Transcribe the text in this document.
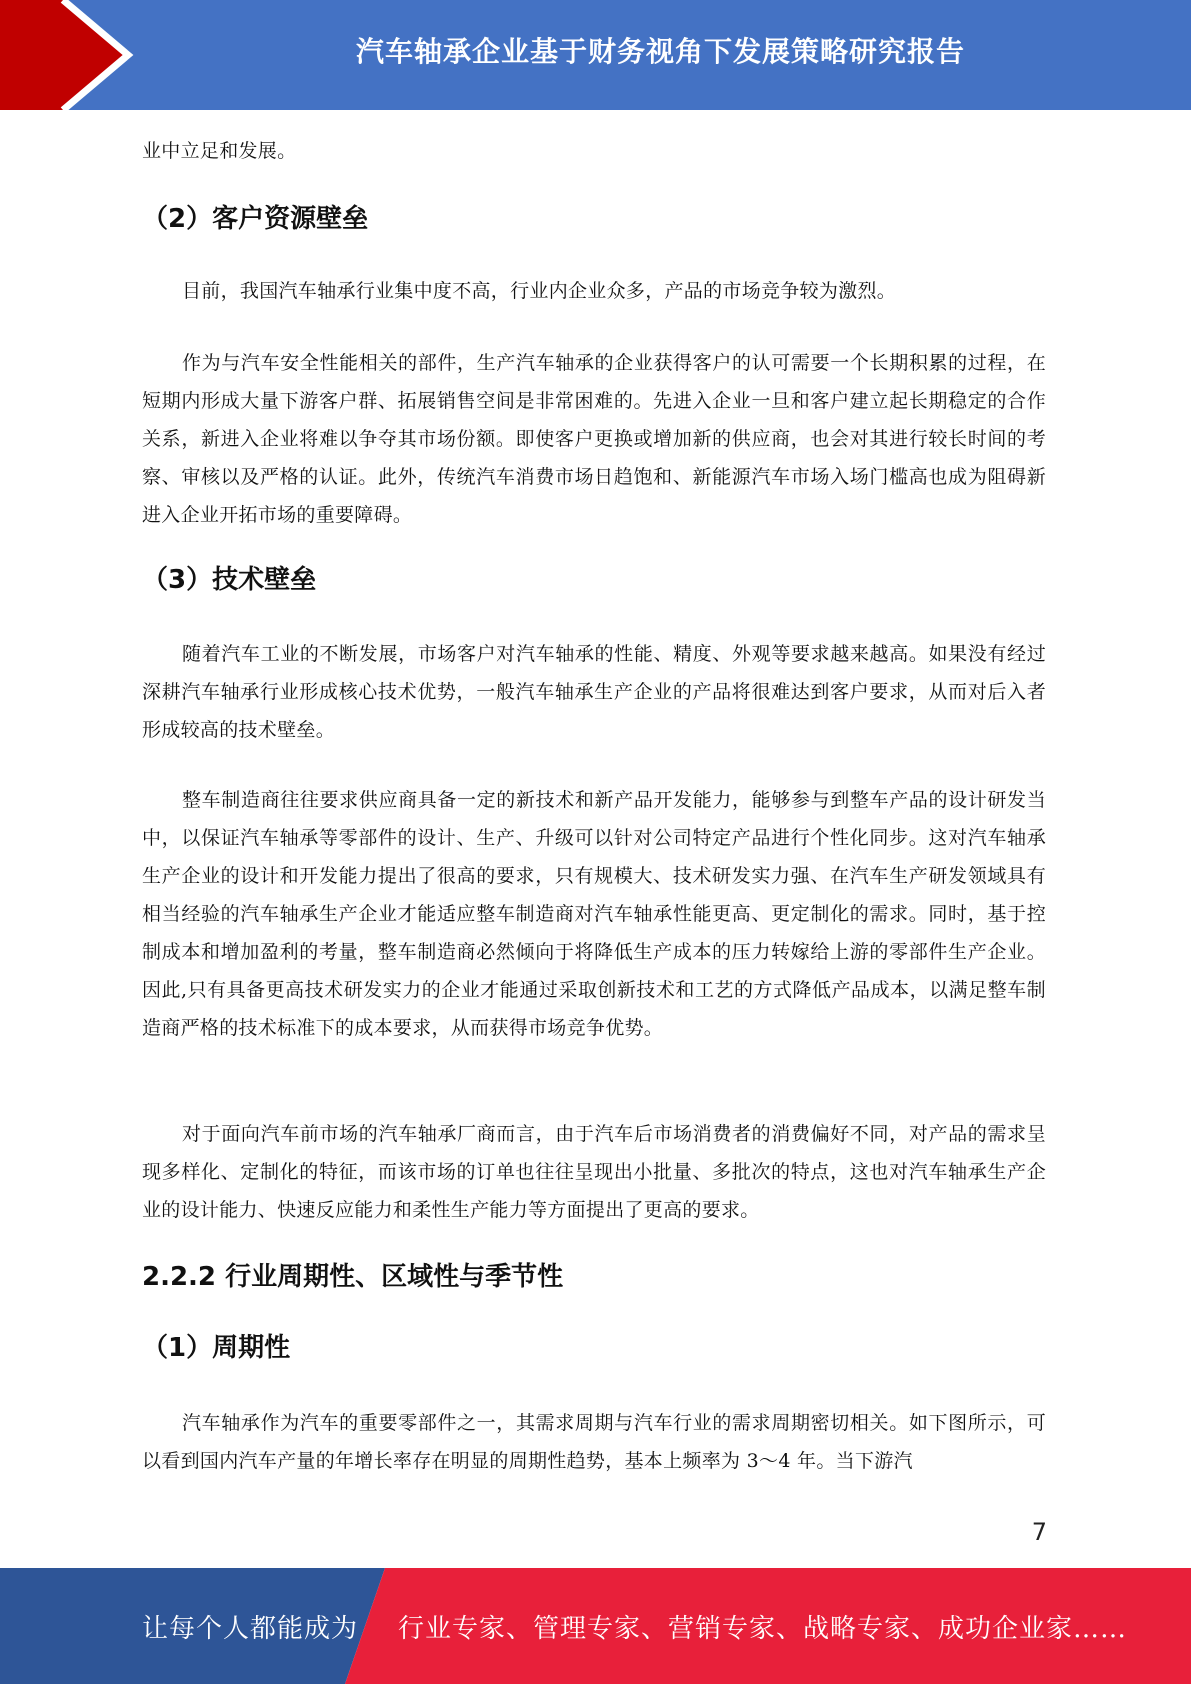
汽车轴承企业基于财务视角下发展策略研究报告

业中立足和发展。

（2）客户资源壁垒

目前，我国汽车轴承行业集中度不高，行业内企业众多，产品的市场竞争较为激烈。

作为与汽车安全性能相关的部件，生产汽车轴承的企业获得客户的认可需要一个长期积累的过程，在短期内形成大量下游客户群、拓展销售空间是非常困难的。先进入企业一旦和客户建立起长期稳定的合作关系，新进入企业将难以争夺其市场份额。即使客户更换或增加新的供应商，也会对其进行较长时间的考察、审核以及严格的认证。此外，传统汽车消费市场日趋饱和、新能源汽车市场入场门槛高也成为阻碍新进入企业开拓市场的重要障碍。

（3）技术壁垒

随着汽车工业的不断发展，市场客户对汽车轴承的性能、精度、外观等要求越来越高。如果没有经过深耕汽车轴承行业形成核心技术优势，一般汽车轴承生产企业的产品将很难达到客户要求，从而对后入者形成较高的技术壁垒。

整车制造商往往要求供应商具备一定的新技术和新产品开发能力，能够参与到整车产品的设计研发当中，以保证汽车轴承等零部件的设计、生产、升级可以针对公司特定产品进行个性化同步。这对汽车轴承生产企业的设计和开发能力提出了很高的要求，只有规模大、技术研发实力强、在汽车生产研发领域具有相当经验的汽车轴承生产企业才能适应整车制造商对汽车轴承性能更高、更定制化的需求。同时，基于控制成本和增加盈利的考量，整车制造商必然倾向于将降低生产成本的压力转嫁给上游的零部件生产企业。因此,只有具备更高技术研发实力的企业才能通过采取创新技术和工艺的方式降低产品成本，以满足整车制造商严格的技术标准下的成本要求，从而获得市场竞争优势。

对于面向汽车前市场的汽车轴承厂商而言，由于汽车后市场消费者的消费偏好不同，对产品的需求呈现多样化、定制化的特征，而该市场的订单也往往呈现出小批量、多批次的特点，这也对汽车轴承生产企业的设计能力、快速反应能力和柔性生产能力等方面提出了更高的要求。

2.2.2 行业周期性、区域性与季节性
（1）周期性

汽车轴承作为汽车的重要零部件之一，其需求周期与汽车行业的需求周期密切相关。如下图所示，可以看到国内汽车产量的年增长率存在明显的周期性趋势，基本上频率为 3～4 年。当下游汽

7
让每个人都能成为 行业专家、管理专家、营销专家、战略专家、成功企业家……
